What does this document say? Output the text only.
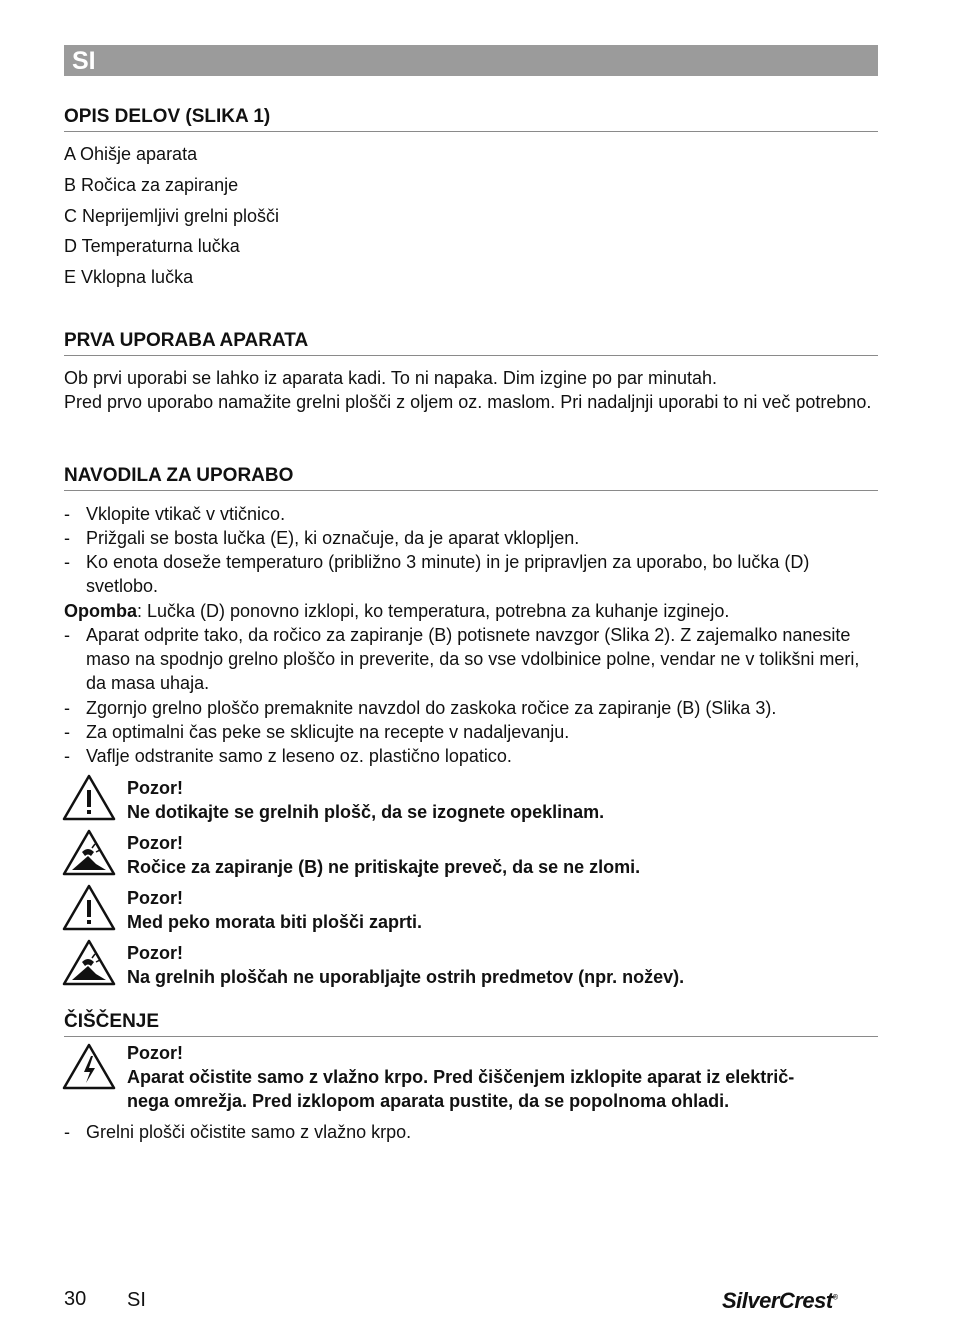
SI
OPIS DELOV (SLIKA 1)
A Ohišje aparata
B Ročica za zapiranje
C Neprijemljivi grelni plošči
D Temperaturna lučka
E Vklopna lučka
PRVA UPORABA APARATA
Ob prvi uporabi se lahko iz aparata kadi. To ni napaka. Dim izgine po par minutah.
Pred prvo uporabo namažite grelni plošči z oljem oz. maslom. Pri nadaljnji uporabi to ni več potrebno.
NAVODILA ZA UPORABO
- Vklopite vtikač v vtičnico.
- Prižgali se bosta lučka (E), ki označuje, da je aparat vklopljen.
- Ko enota doseže temperaturo (približno 3 minute) in je pripravljen za uporabo, bo lučka (D) svetlobo.
Opomba: Lučka (D) ponovno izklopi, ko temperatura, potrebna za kuhanje izginejo.
- Aparat odprite tako, da ročico za zapiranje (B) potisnete navzgor (Slika 2). Z zajemalko nanesite maso na spodnjo grelno ploščo in preverite, da so vse vdolbinice polne, vendar ne v tolikšni meri, da masa uhaja.
- Zgornjo grelno ploščo premaknite navzdol do zaskoka ročice za zapiranje (B) (Slika 3).
- Za optimalni čas peke se sklicujte na recepte v nadaljevanju.
- Vaflje odstranite samo z leseno oz. plastično lopatico.
Pozor!
Ne dotikajte se grelnih plošč, da se izognete opeklinam.
Pozor!
Ročice za zapiranje (B) ne pritiskajte preveč, da se ne zlomi.
Pozor!
Med peko morata biti plošči zaprti.
Pozor!
Na grelnih ploščah ne uporabljajte ostrih predmetov (npr. nožev).
ČIŠČENJE
Pozor!
Aparat očistite samo z vlažno krpo. Pred čiščenjem izklopite aparat iz električ-
nega omrežja. Pred izklopom aparata pustite, da se popolnoma ohladi.
- Grelni plošči očistite samo z vlažno krpo.
30 SI	SilverCrest®
